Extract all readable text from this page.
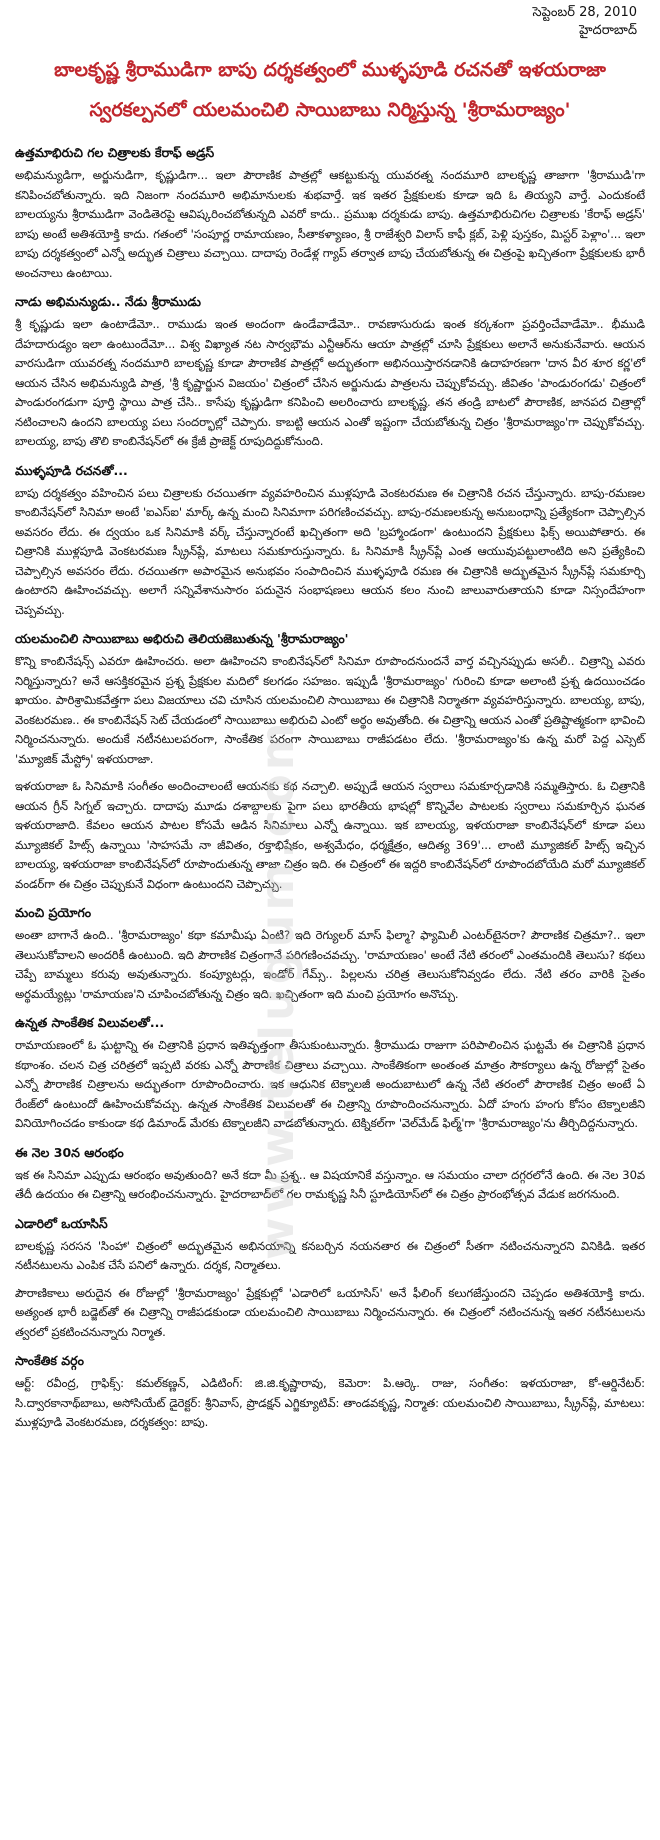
సెప్టెంబర్ 28, 2010
హైదరాబాద్
బాలకృష్ణ శ్రీరాముడిగా బాపు దర్శకత్వంలో ముళ్ళపూడి రచనతో ఇళయరాజా స్వరకల్పనలో యలమంచిలి సాయిబాబు నిర్మిస్తున్న 'శ్రీరామరాజ్యం'
ఉత్తమాభిరుచి గల చిత్రాలకు కేరాఫ్ అడ్రస్

అభిమన్యుడిగా, అర్జునుడిగా, కృష్ణుడిగా... ఇలా పౌరాణిక పాత్రల్లో ఆకట్టుకున్న యువరత్న నందమూరి బాలకృష్ణ తాజాగా 'శ్రీరాముడి'గా కనిపించబోతున్నారు. ఇది నిజంగా నందమూరి అభిమానులకు శుభవార్తే. ఇక ఇతర ప్రేక్షకులకు కూడా ఇది ఓ తియ్యని వార్తే. ఎందుకంటే బాలయ్యను శ్రీరాముడిగా వెండితెరపై ఆవిష్కరించబోతున్నది ఎవరో కాదు.. ప్రముఖ దర్శకుడు బాపు. ఉత్తమాభిరుచిగల చిత్రాలకు 'కేరాఫ్ అడ్రస్' బాపు అంటే అతిశయోక్తి కాదు. గతంలో 'సంపూర్ణ రామాయణం, సీతాకళ్యాణం, శ్రీ రాజేశ్వరి విలాస్ కాఫీ క్లబ్, పెళ్లి పుస్తకం, మిస్టర్ పెళ్లాం'... ఇలా బాపు దర్శకత్వంలో ఎన్నో అద్భుత చిత్రాలు వచ్చాయి. దాదాపు రెండేళ్ల గ్యాప్ తర్వాత బాపు చేయబోతున్న ఈ చిత్రంపై ఖచ్చితంగా ప్రేక్షకులకు భారీ అంచనాలు ఉంటాయి.

నాడు అభిమన్యుడు.. నేడు శ్రీరాముడు

శ్రీ కృష్ణుడు ఇలా ఉంటాడేమో.. రాముడు ఇంత అందంగా ఉండేవాడేమో.. రావణాసురుడు ఇంత కర్కశంగా ప్రవర్తించేవాడేమో.. భీముడి దేహదారుడ్యం ఇలా ఉంటుందేమో... విశ్వ విఖ్యాత నట సార్వభౌమ ఎన్టీఆర్‌ను ఆయా పాత్రల్లో చూసి ప్రేక్షకులు అలానే అనుకునేవారు. ఆయన వారసుడిగా యువరత్న నందమూరి బాలకృష్ణ కూడా పౌరాణిక పాత్రల్లో అద్భుతంగా అభినయిస్తారనడానికి ఉదాహరణగా 'దాన వీర శూర కర్ణ'లో ఆయన చేసిన అభిమన్యుడి పాత్ర, 'శ్రీ కృష్ణార్జున విజయం' చిత్రంలో చేసిన అర్జునుడు పాత్రలను చెప్పుకోవచ్చు. జీవితం 'పాండురంగడు' చిత్రంలో పాండురంగడుగా పూర్తి స్థాయి పాత్ర చేసి.. కాసేపు కృష్ణుడిగా కనిపించి అలరించారు బాలకృష్ణ. తన తండ్రి బాటలో పౌరాణిక, జానపద చిత్రాల్లో నటించాలని ఉందని బాలయ్య పలు సందర్భాల్లో చెప్పారు. కాబట్టి ఆయన ఎంతో ఇష్టంగా చేయబోతున్న చిత్రం 'శ్రీరామరాజ్యం'గా చెప్పుకోవచ్చు. బాలయ్య, బాపు తొలి కాంబినేషన్‌లో ఈ క్రేజీ ప్రాజెక్ట్ రూపుదిద్దుకోనుంది.

ముళ్ళపూడి రచనతో...

బాపు దర్శకత్వం వహించిన పలు చిత్రాలకు రచయితగా వ్యవహరించిన ముళ్లపూడి వెంకటరమణ ఈ చిత్రానికి రచన చేస్తున్నారు. బాపు-రమణల కాంబినేషన్‌లో సినిమా అంటే 'ఐఎస్ఐ' మార్క్ ఉన్న మంచి సినిమాగా పరిగణించవచ్చు. బాపు-రమణలకున్న అనుబంధాన్ని ప్రత్యేకంగా చెప్పాల్సిన అవసరం లేదు. ఈ ద్వయం ఒక సినిమాకి వర్క్ చేస్తున్నారంటే ఖచ్చితంగా అది 'బ్రహ్మాండంగా' ఉంటుందని ప్రేక్షకులు ఫిక్స్ అయిపోతారు. ఈ చిత్రానికి ముళ్లపూడి వెంకటరమణ స్క్రీన్‌ప్లే, మాటలు సమకూరుస్తున్నారు. ఓ సినిమాకి స్క్రీన్‌ప్లే ఎంత ఆయువుపట్టులాంటిది అని ప్రత్యేకించి చెప్పాల్సిన అవసరం లేదు. రచయితగా అపారమైన అనుభవం సంపాదించిన ముళ్ళపూడి రమణ ఈ చిత్రానికి అద్భుతమైన స్క్రీన్‌ప్లే సమకూర్చి ఉంటారని ఊహించవచ్చు. అలాగే సన్నివేశానుసారం పదునైన సంభాషణలు ఆయన కలం నుంచి జాలువారుతాయని కూడా నిస్సందేహంగా చెప్పవచ్చు.

యలమంచిలి సాయిబాబు అభిరుచి తెలియజెబుతున్న 'శ్రీరామరాజ్యం'

కొన్ని కాంబినేషన్స్ ఎవరూ ఊహించరు. అలా ఊహించని కాంబినేషన్‌లో సినిమా రూపొందనుందనే వార్త వచ్చినప్పుడు అసలీ.. చిత్రాన్ని ఎవరు నిర్మిస్తున్నారు? అనే ఆసక్తికరమైన ప్రశ్న ప్రేక్షకుల మదిలో కలగడం సహజం. ఇప్పుడీ 'శ్రీరామరాజ్యం' గురించి కూడా అలాంటి ప్రశ్న ఉదయించడం ఖాయం. పారిశ్రామికవేత్తగా పలు విజయాలు చవి చూసిన యలమంచిలి సాయిబాబు ఈ చిత్రానికి నిర్మాతగా వ్యవహరిస్తున్నారు. బాలయ్య, బాపు, వెంకటరమణ.. ఈ కాంబినేషన్ సెట్ చేయడంలో సాయిబాబు అభిరుచి ఎంటో అర్థం అవుతోంది. ఈ చిత్రాన్ని ఆయన ఎంతో ప్రతిష్టాత్మకంగా భావించి నిర్మించనున్నారు. అందుకే నటీనటులపరంగా, సాంకేతిక పరంగా సాయిబాబు రాజీపడటం లేదు. 'శ్రీరామరాజ్యం'కు ఉన్న మరో పెద్ద ఎస్సెట్ 'మ్యూజిక్ మేస్ట్రో' ఇళయరాజా.

ఇళయరాజా ఓ సినిమాకి సంగీతం అందించాలంటే ఆయనకు కథ నచ్చాలి. అప్పుడే ఆయన స్వరాలు సమకూర్చడానికి సమ్మతిస్తారు. ఓ చిత్రానికి ఆయన గ్రీన్ సిగ్నల్ ఇచ్చారు. దాదాపు మూడు దశాబ్దాలకు పైగా పలు భారతీయ భాషల్లో కొన్నివేల పాటలకు స్వరాలు సమకూర్చిన ఘనత ఇళయరాజాది. కేవలం ఆయన పాటల కోసమే ఆడిన సినిమాలు ఎన్నో ఉన్నాయి. ఇక బాలయ్య, ఇళయరాజా కాంబినేషన్‌లో కూడా పలు మ్యూజికల్ హిట్స్ ఉన్నాయి 'సాహసమే నా జీవితం, రక్తాభిషేకం, అశ్వమేధం, ధర్మక్షేత్రం, ఆదిత్య 369'... లాంటి మ్యూజికల్ హిట్స్ ఇచ్చిన బాలయ్య, ఇళయరాజా కాంబినేషన్‌లో రూపొందుతున్న తాజా చిత్రం ఇది. ఈ చిత్రంలో ఈ ఇద్దరి కాంబినేషన్‌లో రూపొందబోయేది మరో మ్యూజికల్ వండర్‌గా ఈ చిత్రం చెప్పుకునే విధంగా ఉంటుందని చెప్పొచ్చు.

మంచి ప్రయోగం

అంతా బాగానే ఉంది.. 'శ్రీరామరాజ్యం' కథా కమామీషు ఏంటి? ఇది రెగ్యులర్ మాస్ ఫిల్మా? ఫ్యామిలీ ఎంటర్‌టైనరా? పౌరాణిక చిత్రమా?.. ఇలా తెలుసుకోవాలని అందరికీ ఉంటుంది. ఇది పౌరాణిక చిత్రంగానే పరిగణించవచ్చు. 'రామాయణం' అంటే నేటి తరంలో ఎంతమందికి తెలుసు? కథలు చెప్పే బామ్మలు కరువు అవుతున్నారు. కంప్యూటర్లు, ఇండోర్ గేమ్స్.. పిల్లలను చరిత్ర తెలుసుకోనివ్వడం లేదు. నేటి తరం వారికి సైతం అర్థమయ్యేట్లు 'రామాయణ'ని చూపించబోతున్న చిత్రం ఇది. ఖచ్చితంగా ఇది మంచి ప్రయోగం అనొచ్చు.

ఉన్నత సాంకేతిక విలువలతో...

రామాయణంలో ఓ ఘట్టాన్ని ఈ చిత్రానికి ప్రధాన ఇతివృత్తంగా తీసుకుంటున్నారు. శ్రీరాముడు రాజుగా పరిపాలించిన ఘట్టమే ఈ చిత్రానికి ప్రధాన కథాంశం. చలన చిత్ర చరిత్రలో ఇప్పటి వరకు ఎన్నో పౌరాణిక చిత్రాలు వచ్చాయి. సాంకేతికంగా అంతంత మాత్రం సౌకర్యాలు ఉన్న రోజుల్లో సైతం ఎన్నో పౌరాణిక చిత్రాలను అద్భుతంగా రూపొందించారు. ఇక ఆధునిక టెక్నాలజీ అందుబాటులో ఉన్న నేటి తరంలో పౌరాణిక చిత్రం అంటే ఏ రేంజ్‌లో ఉంటుందో ఊహించుకోవచ్చు. ఉన్నత సాంకేతిక విలువలతో ఈ చిత్రాన్ని రూపొందించనున్నారు. ఏదో హంగు హంగు కోసం టెక్నాలజీని వినియోగించడం కాకుండా కథ డిమాండ్ మేరకు టెక్నాలజీని వాడబోతున్నారు. టెక్నికల్‌గా 'వెల్‌మేడ్ ఫిల్మ్'గా 'శ్రీరామరాజ్యం'ను తీర్చిదిద్దనున్నారు.

ఈ నెల 30న ఆరంభం

ఇక ఈ సినిమా ఎప్పుడు ఆరంభం అవుతుంది? అనే కదా మీ ప్రశ్న.. ఆ విషయానికే వస్తున్నాం. ఆ సమయం చాలా దగ్గరలోనే ఉంది. ఈ నెల 30వ తేదీ ఉదయం ఈ చిత్రాన్ని ఆరంభించనున్నారు. హైదరాబాద్‌లో గల రామకృష్ణ సినీ స్టూడియోస్‌లో ఈ చిత్రం ప్రారంభోత్సవ వేడుక జరగనుంది.

ఎడారిలో ఒయాసిస్

బాలకృష్ణ సరసన 'సింహా' చిత్రంలో అద్భుతమైన అభినయాన్ని కనబర్చిన నయనతార ఈ చిత్రంలో సీతగా నటించనున్నారని వినికిడి. ఇతర నటీనటులను ఎంపిక చేసే పనిలో ఉన్నారు. దర్శక, నిర్మాతలు.

పౌరాణికాలు అరుదైన ఈ రోజుల్లో 'శ్రీరామరాజ్యం' ప్రేక్షకుల్లో 'ఎడారిలో ఒయాసిస్' అనే ఫీలింగ్ కలుగజేస్తుందని చెప్పడం అతిశయోక్తి కాదు. అత్యంత భారీ బడ్జెట్‌తో ఈ చిత్రాన్ని రాజీపడకుండా యలమంచిలి సాయిబాబు నిర్మించనున్నారు. ఈ చిత్రంలో నటించనున్న ఇతర నటీనటులను త్వరలో ప్రకటించనున్నారు నిర్మాత.

సాంకేతిక వర్గం

ఆర్ట్: రవీంద్ర, గ్రాఫిక్స్: కమల్‌కణ్ణన్, ఎడిటింగ్: జి.జి.కృష్ణారావు, కెమెరా: పి.ఆర్కె. రాజు, సంగీతం: ఇళయరాజా, కో-ఆర్డినేటర్: సి.ద్వారకానాథ్‌బాబు, అసోసియేట్ డైరెక్టర్: శ్రీనివాస్, ప్రొడక్షన్ ఎగ్జిక్యూటివ్: తాండవకృష్ణ, నిర్మాత: యలమంచిలి సాయిబాబు, స్క్రీన్‌ప్లే, మాటలు: ముళ్లపూడి వెంకటరమణ, దర్శకత్వం: బాపు.

www.telugum.com
